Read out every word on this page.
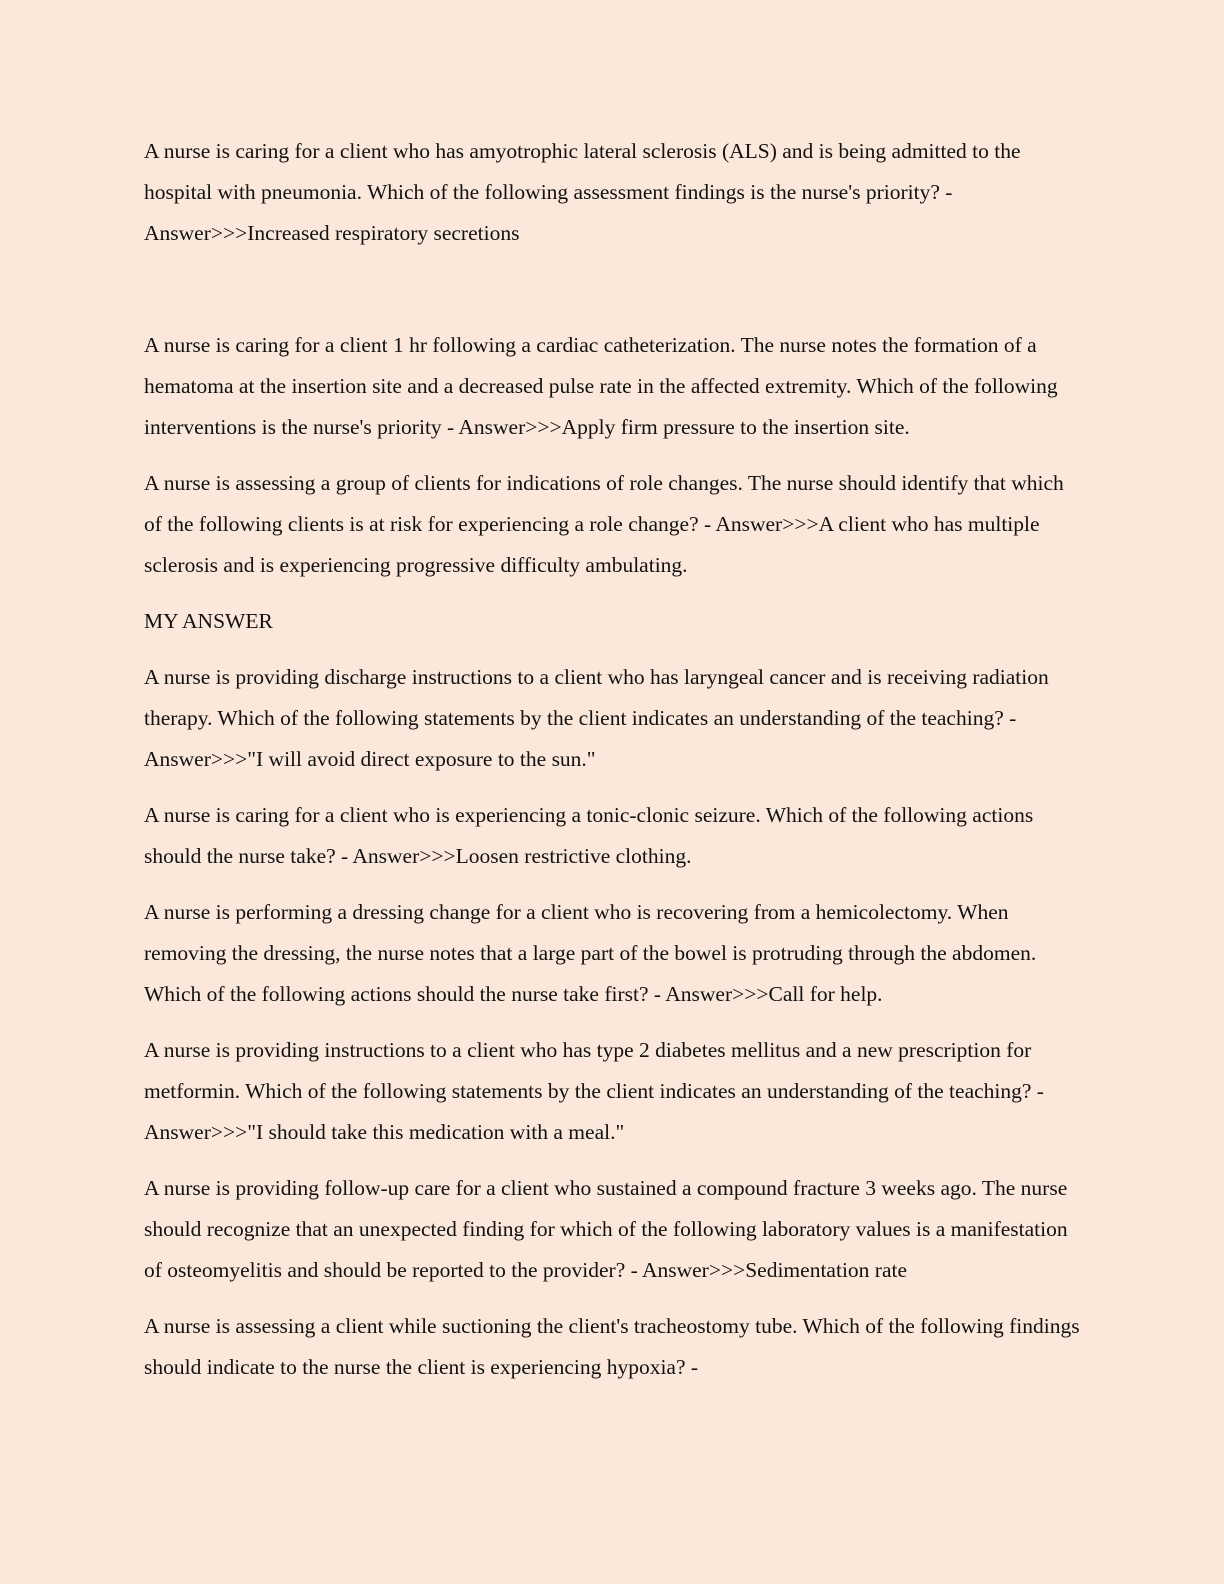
A nurse is caring for a client who has amyotrophic lateral sclerosis (ALS) and is being admitted to the hospital with pneumonia. Which of the following assessment findings is the nurse's priority? - Answer>>>Increased respiratory secretions

A nurse is caring for a client 1 hr following a cardiac catheterization. The nurse notes the formation of a hematoma at the insertion site and a decreased pulse rate in the affected extremity. Which of the following interventions is the nurse's priority - Answer>>>Apply firm pressure to the insertion site.

A nurse is assessing a group of clients for indications of role changes. The nurse should identify that which of the following clients is at risk for experiencing a role change? - Answer>>>A client who has multiple sclerosis and is experiencing progressive difficulty ambulating.

MY ANSWER

A nurse is providing discharge instructions to a client who has laryngeal cancer and is receiving radiation therapy. Which of the following statements by the client indicates an understanding of the teaching? - Answer>>>"I will avoid direct exposure to the sun."

A nurse is caring for a client who is experiencing a tonic-clonic seizure. Which of the following actions should the nurse take? - Answer>>>Loosen restrictive clothing.

A nurse is performing a dressing change for a client who is recovering from a hemicolectomy. When removing the dressing, the nurse notes that a large part of the bowel is protruding through the abdomen. Which of the following actions should the nurse take first? - Answer>>>Call for help.

A nurse is providing instructions to a client who has type 2 diabetes mellitus and a new prescription for metformin. Which of the following statements by the client indicates an understanding of the teaching? - Answer>>>"I should take this medication with a meal."

A nurse is providing follow-up care for a client who sustained a compound fracture 3 weeks ago. The nurse should recognize that an unexpected finding for which of the following laboratory values is a manifestation of osteomyelitis and should be reported to the provider? - Answer>>>Sedimentation rate

A nurse is assessing a client while suctioning the client's tracheostomy tube. Which of the following findings should indicate to the nurse the client is experiencing hypoxia? -
